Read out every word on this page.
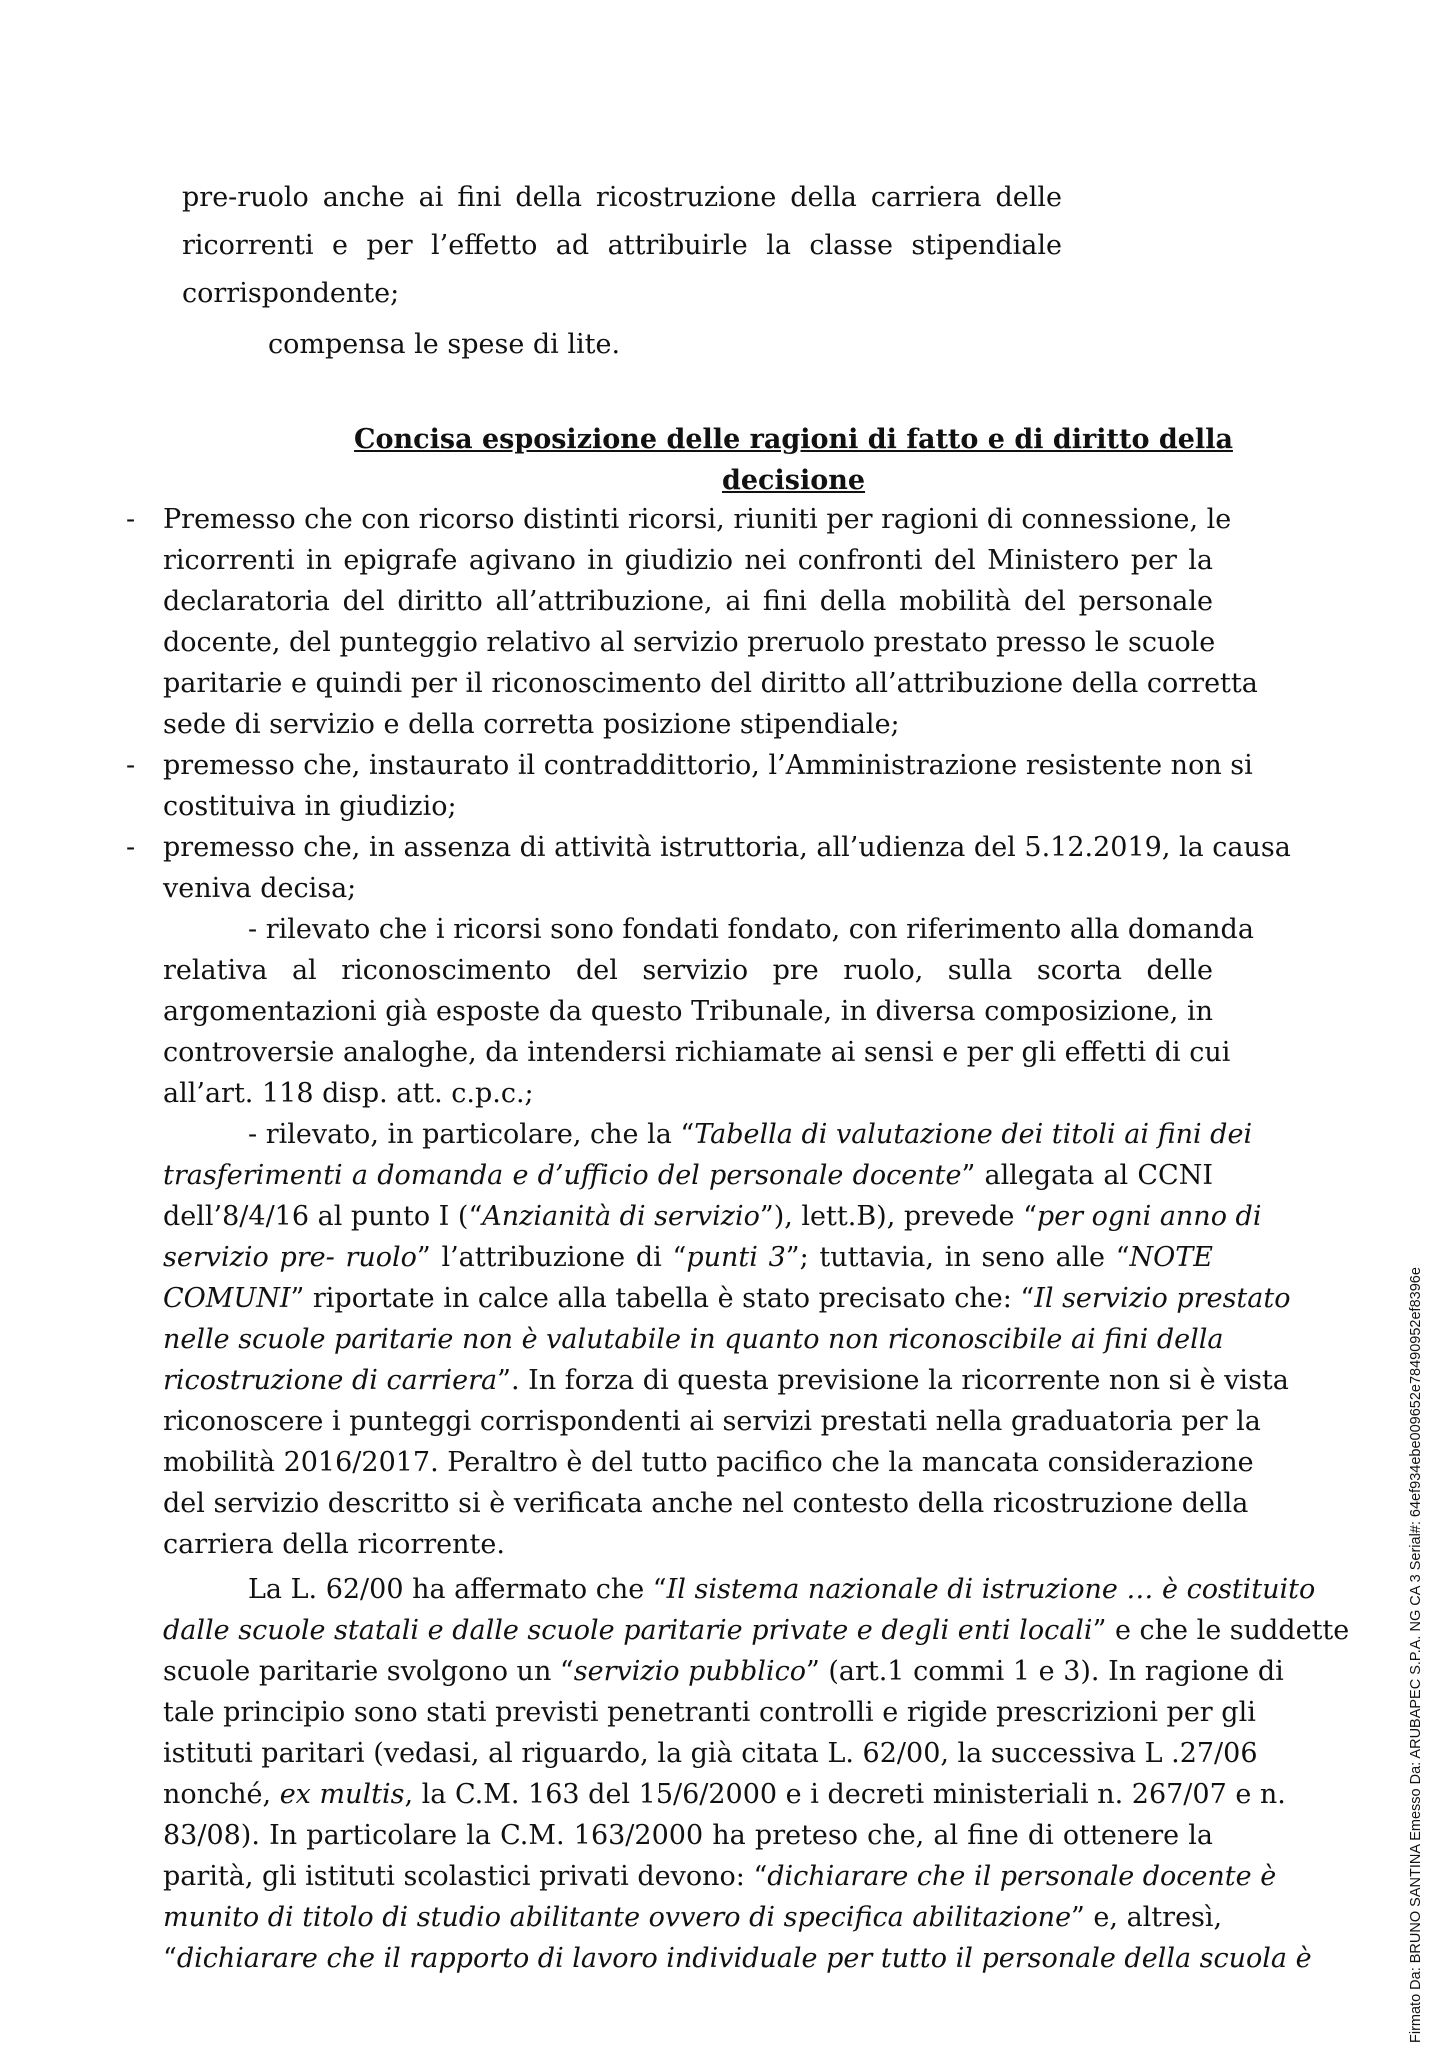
pre-ruolo anche ai fini della ricostruzione della carriera delle
ricorrenti e per l’effetto ad attribuirle la classe stipendiale
corrispondente;
compensa le spese di lite.
Concisa esposizione delle ragioni di fatto e di diritto della
decisione
- Premesso che con ricorso distinti ricorsi, riuniti per ragioni di connessione, le
ricorrenti in epigrafe agivano in giudizio nei confronti del Ministero per la
declaratoria del diritto all’attribuzione, ai fini della mobilità del personale
docente, del punteggio relativo al servizio preruolo prestato presso le scuole
paritarie e quindi per il riconoscimento del diritto all’attribuzione della corretta
sede di servizio e della corretta posizione stipendiale;
- premesso che, instaurato il contraddittorio, l’Amministrazione resistente non si
costituiva in giudizio;
- premesso che, in assenza di attività istruttoria, all’udienza del 5.12.2019, la causa
veniva decisa;
- rilevato che i ricorsi sono fondati fondato, con riferimento alla domanda
relativa al riconoscimento del servizio pre ruolo, sulla scorta delle
argomentazioni già esposte da questo Tribunale, in diversa composizione, in
controversie analoghe, da intendersi richiamate ai sensi e per gli effetti di cui
all’art. 118 disp. att. c.p.c.;
- rilevato, in particolare, che la “Tabella di valutazione dei titoli ai fini dei
trasferimenti a domanda e d’ufficio del personale docente” allegata al CCNI
dell’8/4/16 al punto I (“Anzianità di servizio”), lett.B), prevede “per ogni anno di
servizio pre- ruolo” l’attribuzione di “punti 3”; tuttavia, in seno alle “NOTE
COMUNI” riportate in calce alla tabella è stato precisato che: “Il servizio prestato
nelle scuole paritarie non è valutabile in quanto non riconoscibile ai fini della
ricostruzione di carriera”. In forza di questa previsione la ricorrente non si è vista
riconoscere i punteggi corrispondenti ai servizi prestati nella graduatoria per la
mobilità 2016/2017. Peraltro è del tutto pacifico che la mancata considerazione
del servizio descritto si è verificata anche nel contesto della ricostruzione della
carriera della ricorrente.
La L. 62/00 ha affermato che “Il sistema nazionale di istruzione … è costituito
dalle scuole statali e dalle scuole paritarie private e degli enti locali” e che le suddette
scuole paritarie svolgono un “servizio pubblico” (art.1 commi 1 e 3). In ragione di
tale principio sono stati previsti penetranti controlli e rigide prescrizioni per gli
istituti paritari (vedasi, al riguardo, la già citata L. 62/00, la successiva L .27/06
nonché, ex multis, la C.M. 163 del 15/6/2000 e i decreti ministeriali n. 267/07 e n.
83/08). In particolare la C.M. 163/2000 ha preteso che, al fine di ottenere la
parità, gli istituti scolastici privati devono: “dichiarare che il personale docente è
munito di titolo di studio abilitante ovvero di specifica abilitazione” e, altresì,
“dichiarare che il rapporto di lavoro individuale per tutto il personale della scuola è	Firmato Da: BRUNO SANTINA Emesso Da: ARUBAPEC S.P.A. NG CA 3 Serial#: 64ef934ebe009652e78490952ef8396e
